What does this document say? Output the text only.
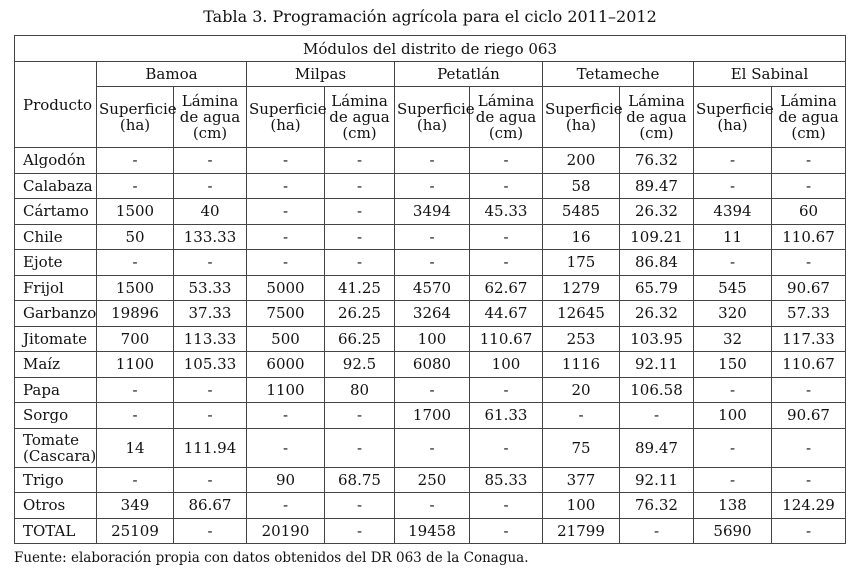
Tabla 3. Programación agrícola para el ciclo 2011–2012
Módulos del distrito de riego 063										
Producto	Bamoa		Milpas		Petatlán		Tetameche		El Sabinal	
	Superficie (ha)	Lámina de agua (cm)	Superficie (ha)	Lámina de agua (cm)	Superficie (ha)	Lámina de agua (cm)	Superficie (ha)	Lámina de agua (cm)	Superficie (ha)	Lámina de agua (cm)
Algodón	-	-	-	-	-	-	200	76.32	-	-
Calabaza	-	-	-	-	-	-	58	89.47	-	-
Cártamo	1500	40	-	-	3494	45.33	5485	26.32	4394	60
Chile	50	133.33	-	-	-	-	16	109.21	11	110.67
Ejote	-	-	-	-	-	-	175	86.84	-	-
Frijol	1500	53.33	5000	41.25	4570	62.67	1279	65.79	545	90.67
Garbanzo	19896	37.33	7500	26.25	3264	44.67	12645	26.32	320	57.33
Jitomate	700	113.33	500	66.25	100	110.67	253	103.95	32	117.33
Maíz	1100	105.33	6000	92.5	6080	100	1116	92.11	150	110.67
Papa	-	-	1100	80	-	-	20	106.58	-	-
Sorgo	-	-	-	-	1700	61.33	-	-	100	90.67
Tomate (Cascara)	14	111.94	-	-	-	-	75	89.47	-	-
Trigo	-	-	90	68.75	250	85.33	377	92.11	-	-
Otros	349	86.67	-	-	-	-	100	76.32	138	124.29
TOTAL	25109	-	20190	-	19458	-	21799	-	5690	-
Fuente: elaboración propia con datos obtenidos del DR 063 de la Conagua.
